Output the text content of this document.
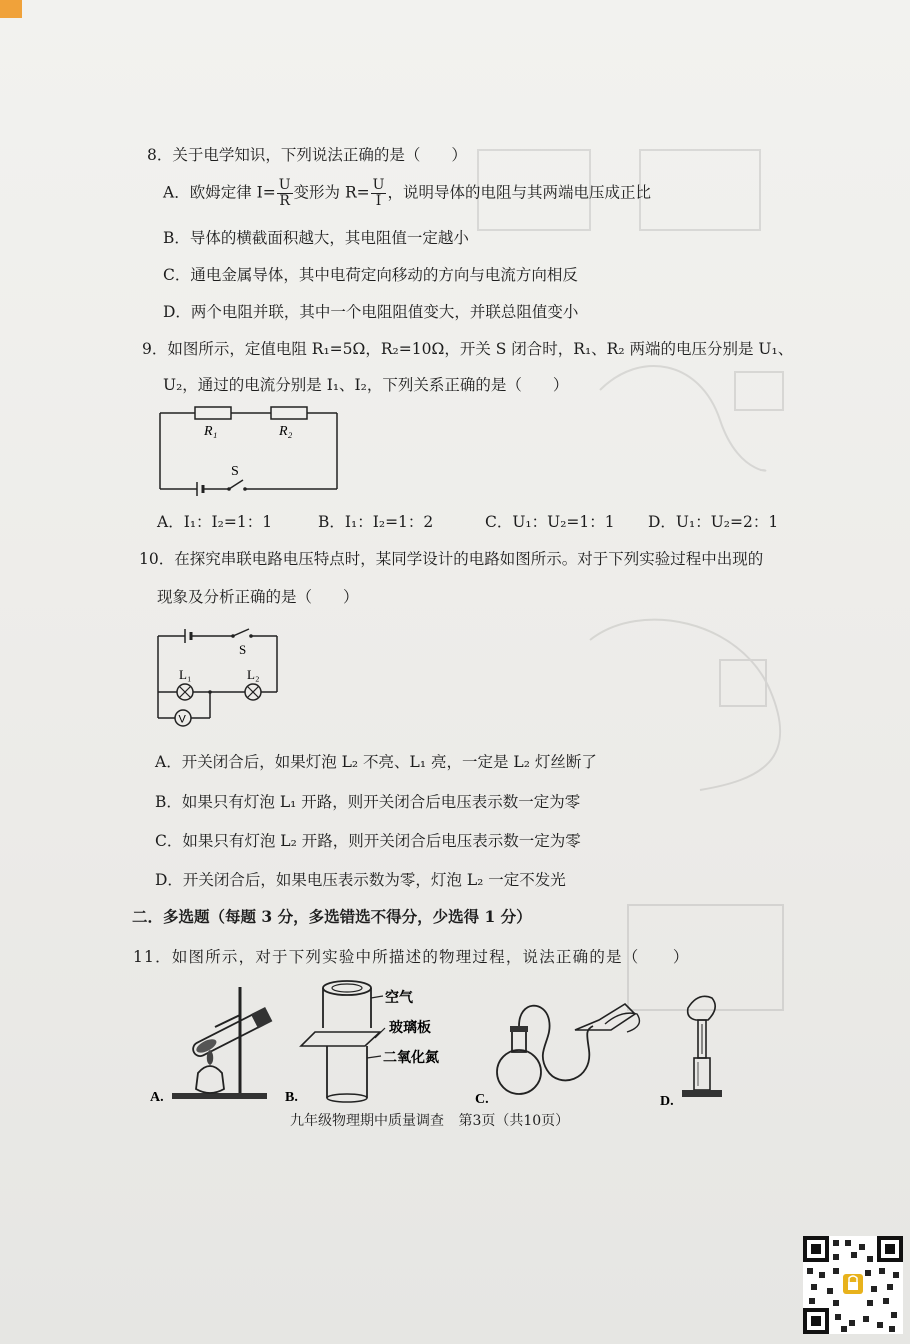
8．关于电学知识，下列说法正确的是（　　）
A．欧姆定律 $I= \frac{U}{R}$ 变形为 $R= \frac{U}{I}$ ，说明导体的电阻与其两端电压成正比
B．导体的横截面积越大，其电阻值一定越小
C．通电金属导体，其中电荷定向移动的方向与电流方向相反
D．两个电阻并联，其中一个电阻阻值变大，并联总阻值变小
9．如图所示，定值电阻 R₁=5Ω，R₂=10Ω，开关 S 闭合时，R₁、R₂ 两端的电压分别是 U₁、
U₂，通过的电流分别是 I₁、I₂，下列关系正确的是（　　）
R₁	R₂
S
A．I₁：I₂=1：1	B．I₁：I₂=1：2	C．U₁：U₂=1：1 D．U₁：U₂=2：1
10．在探究串联电路电压特点时，某同学设计的电路如图所示。对于下列实验过程中出现的
现象及分析正确的是（　　）
S
L₁	L₂
V
A．开关闭合后，如果灯泡 L₂ 不亮、L₁ 亮，一定是 L₂ 灯丝断了
B．如果只有灯泡 L₁ 开路，则开关闭合后电压表示数一定为零
C．如果只有灯泡 L₂ 开路，则开关闭合后电压表示数一定为零
D．开关闭合后，如果电压表示数为零，灯泡 L₂ 一定不发光
二．多选题（每题 3 分，多选错选不得分，少选得 1 分）
11．如图所示，对于下列实验中所描述的物理过程，说法正确的是（　　）
A.	B.
空气
玻璃板
二氧化氮
C.	D.
九年级物理期中质量调查 第3页（共10页）
